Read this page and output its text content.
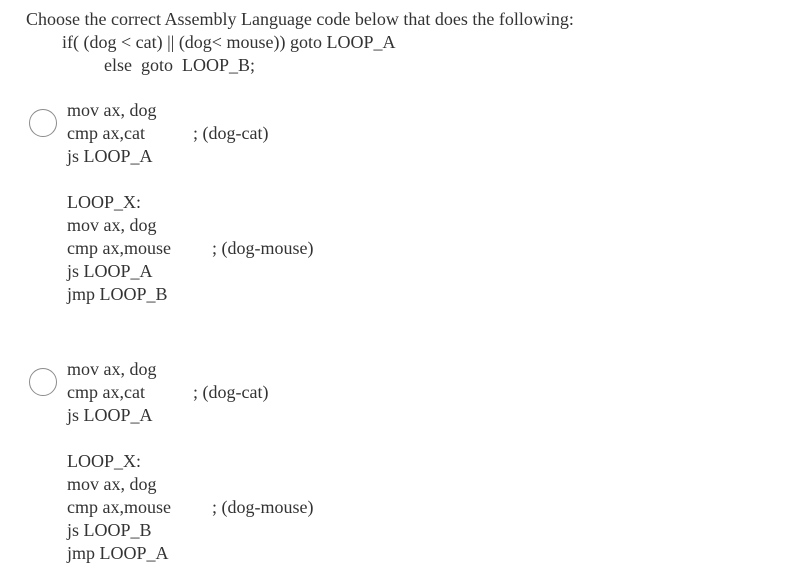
Choose the correct Assembly Language code below that does the following:
if( (dog < cat) || (dog< mouse)) goto LOOP_A
else  goto  LOOP_B;
mov ax, dog
cmp ax,cat	; (dog-cat)
js LOOP_A
LOOP_X:
mov ax, dog
cmp ax,mouse ; (dog-mouse)
js LOOP_A
jmp LOOP_B
mov ax, dog
cmp ax,cat	; (dog-cat)
js LOOP_A
LOOP_X:
mov ax, dog
cmp ax,mouse ; (dog-mouse)
js LOOP_B
jmp LOOP_A
